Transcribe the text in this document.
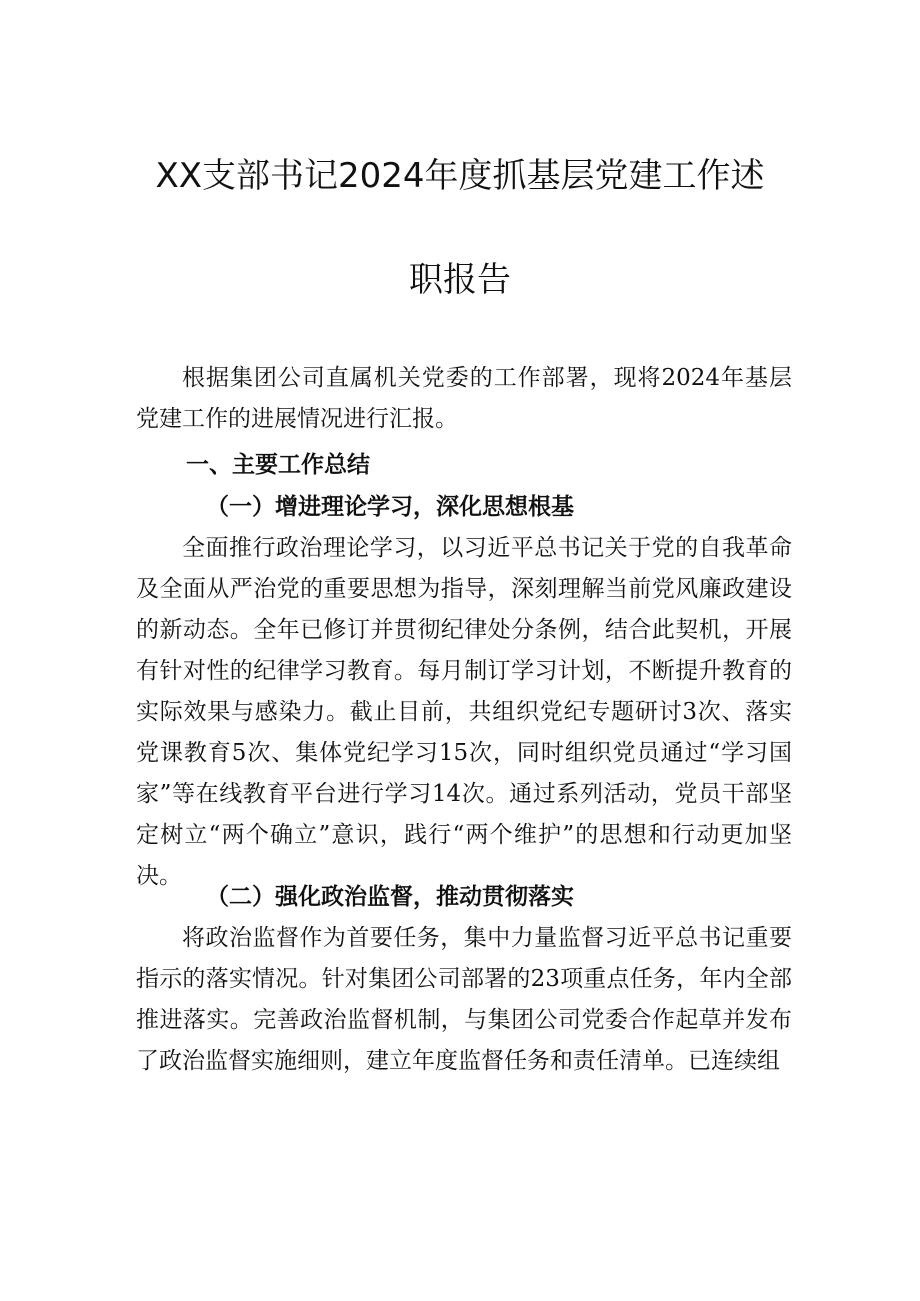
XX支部书记2024年度抓基层党建工作述
职报告

根据集团公司直属机关党委的工作部署，现将2024年基层党建工作的进展情况进行汇报。

一、主要工作总结
（一）增进理论学习，深化思想根基

全面推行政治理论学习，以习近平总书记关于党的自我革命及全面从严治党的重要思想为指导，深刻理解当前党风廉政建设的新动态。全年已修订并贯彻纪律处分条例，结合此契机，开展有针对性的纪律学习教育。每月制订学习计划，不断提升教育的实际效果与感染力。截止目前，共组织党纪专题研讨3次、落实党课教育5次、集体党纪学习15次，同时组织党员通过“学习国家”等在线教育平台进行学习14次。通过系列活动，党员干部坚定树立“两个确立”意识，践行“两个维护”的思想和行动更加坚决。

（二）强化政治监督，推动贯彻落实

将政治监督作为首要任务，集中力量监督习近平总书记重要指示的落实情况。针对集团公司部署的23项重点任务，年内全部推进落实。完善政治监督机制，与集团公司党委合作起草并发布了政治监督实施细则，建立年度监督任务和责任清单。已连续组
